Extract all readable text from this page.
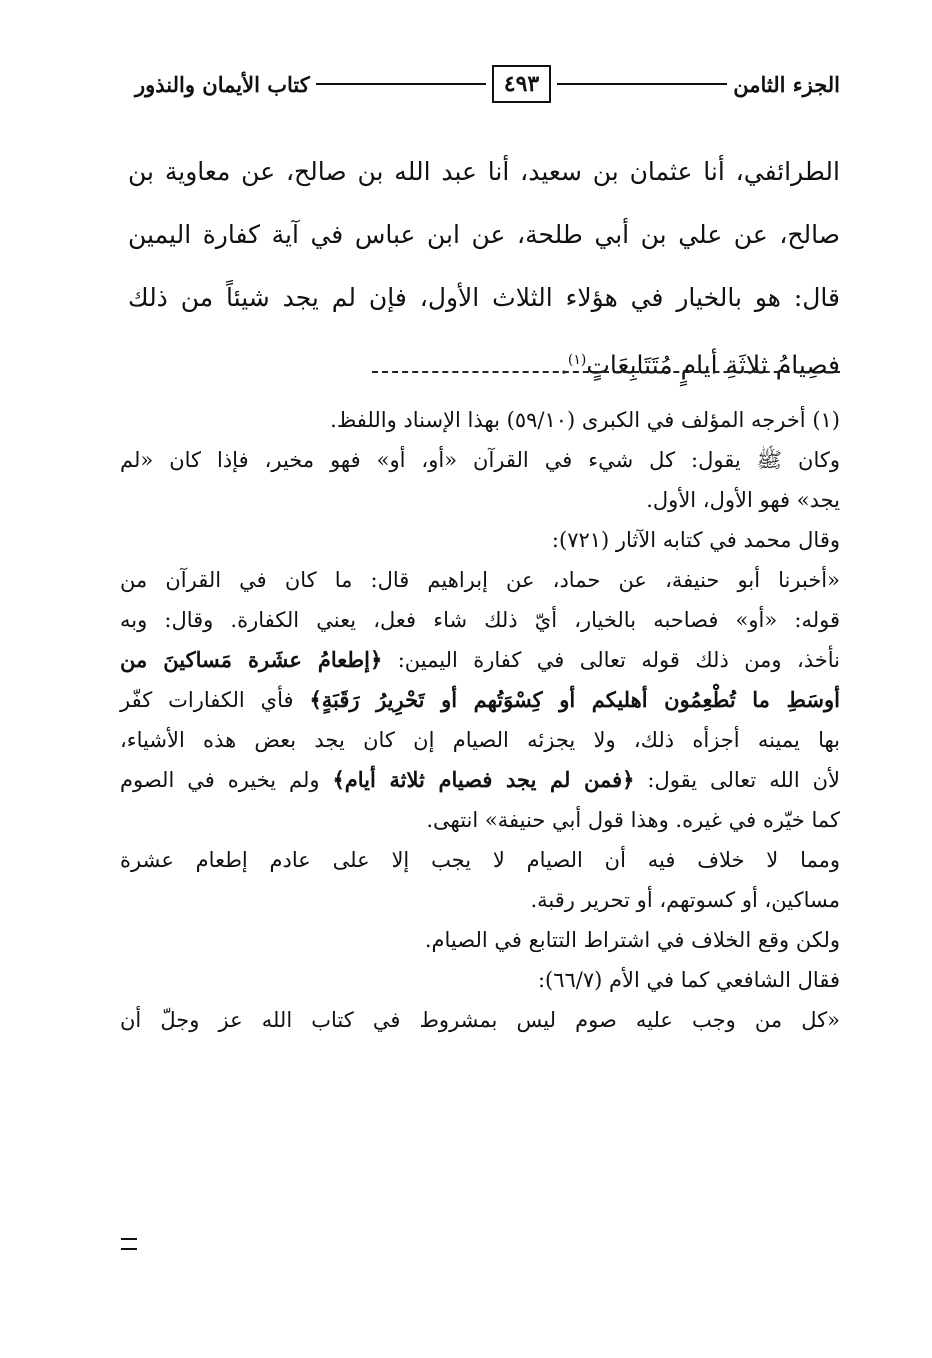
الجزء الثامن
٤٩٣
كتاب الأيمان والنذور

الطرائفي، أنا عثمان بن سعيد، أنا عبد الله بن صالح، عن معاوية بن

صالح، عن علي بن أبي طلحة، عن ابن عباس في آية كفارة اليمين

قال: هو بالخيار في هؤلاء الثلاث الأول، فإن لم يجد شيئاً من ذلك

فصِيامُ ثلاثَةِ أيامٍ مُتَتَابِعَاتٍ$^{(١)}$.

(١) أخرجه المؤلف في الكبرى (٥٩/١٠) بهذا الإسناد واللفظ.

وكان ﷺ يقول: كل شيء في القرآن «أو، أو» فهو مخير، فإذا كان «لم

يجد» فهو الأول، الأول.

وقال محمد في كتابه الآثار (٧٢١):

«أخبرنا أبو حنيفة، عن حماد، عن إبراهيم قال: ما كان في القرآن من

قوله: «أو» فصاحبه بالخيار، أيّ ذلك شاء فعل، يعني الكفارة. وقال: وبه

نأخذ، ومن ذلك قوله تعالى في كفارة اليمين: ﴿إطعامُ عشَرة مَساكينَ من

أوسَطِ ما تُطْعِمُون أهليكم أو كِسْوَتُهم أو تَحْرِيرُ رَقَبَةٍ﴾ فأي الكفارات كفّر

بها يمينه أجزأه ذلك، ولا يجزئه الصيام إن كان يجد بعض هذه الأشياء،

لأن الله تعالى يقول: ﴿فمن لم يجد فصيام ثلاثة أيام﴾ ولم يخيره في الصوم

كما خيّره في غيره. وهذا قول أبي حنيفة» انتهى.

ومما لا خلاف فيه أن الصيام لا يجب إلا على عادم إطعام عشرة

مساكين، أو كسوتهم، أو تحرير رقبة.

ولكن وقع الخلاف في اشتراط التتابع في الصيام.

فقال الشافعي كما في الأم (٦٦/٧):

«كل من وجب عليه صوم ليس بمشروط في كتاب الله عز وجلّ أن
